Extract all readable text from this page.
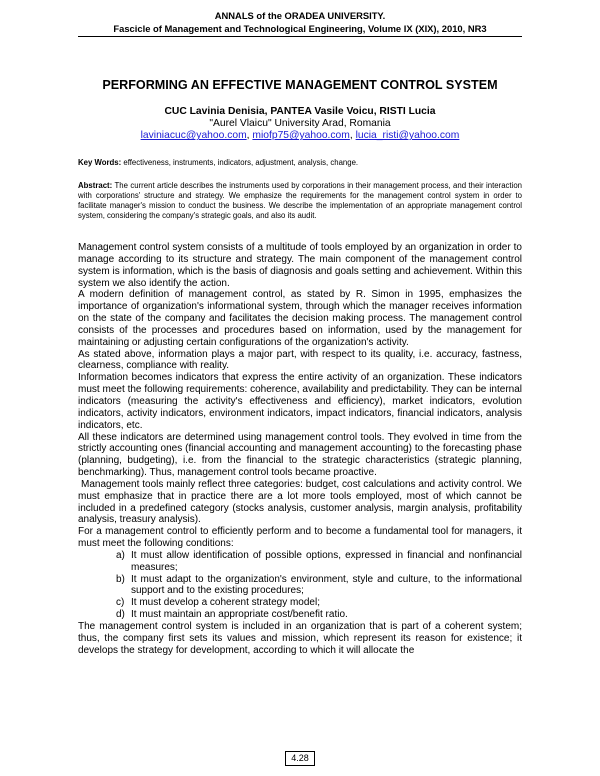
ANNALS of the ORADEA UNIVERSITY.
Fascicle of Management and Technological Engineering, Volume IX (XIX), 2010, NR3
PERFORMING AN EFFECTIVE MANAGEMENT CONTROL SYSTEM
CUC Lavinia Denisia, PANTEA Vasile Voicu, RISTI Lucia
"Aurel Vlaicu" University Arad, Romania
laviniacuc@yahoo.com, miofp75@yahoo.com, lucia_risti@yahoo.com
Key Words: effectiveness, instruments, indicators, adjustment, analysis, change.
Abstract: The current article describes the instruments used by corporations in their management process, and their interaction with corporations' structure and strategy. We emphasize the requirements for the management control system in order to facilitate manager's mission to conduct the business. We describe the implementation of an appropriate management control system, considering the company's strategic goals, and also its audit.

Management control system consists of a multitude of tools employed by an organization in order to manage according to its structure and strategy. The main component of the management control system is information, which is the basis of diagnosis and goals setting and achievement. Within this system we also identify the action.

A modern definition of management control, as stated by R. Simon in 1995, emphasizes the importance of organization's informational system, through which the manager receives information on the state of the company and facilitates the decision making process. The management control consists of the processes and procedures based on information, used by the management for maintaining or adjusting certain configurations of the organization's activity.

As stated above, information plays a major part, with respect to its quality, i.e. accuracy, fastness, clearness, compliance with reality.

Information becomes indicators that express the entire activity of an organization. These indicators must meet the following requirements: coherence, availability and predictability. They can be internal indicators (measuring the activity's effectiveness and efficiency), market indicators, evolution indicators, activity indicators, environment indicators, impact indicators, financial indicators, analysis indicators, etc.

All these indicators are determined using management control tools. They evolved in time from the strictly accounting ones (financial accounting and management accounting) to the forecasting phase (planning, budgeting), i.e. from the financial to the strategic characteristics (strategic planning, benchmarking). Thus, management control tools became proactive.

Management tools mainly reflect three categories: budget, cost calculations and activity control. We must emphasize that in practice there are a lot more tools employed, most of which cannot be included in a predefined category (stocks analysis, customer analysis, margin analysis, profitability analysis, treasury analysis).

For a management control to efficiently perform and to become a fundamental tool for managers, it must meet the following conditions:

a) It must allow identification of possible options, expressed in financial and nonfinancial measures;
b) It must adapt to the organization's environment, style and culture, to the informational support and to the existing procedures;
c) It must develop a coherent strategy model;
d) It must maintain an appropriate cost/benefit ratio.

The management control system is included in an organization that is part of a coherent system; thus, the company first sets its values and mission, which represent its reason for existence; it develops the strategy for development, according to which it will allocate the

4.28
